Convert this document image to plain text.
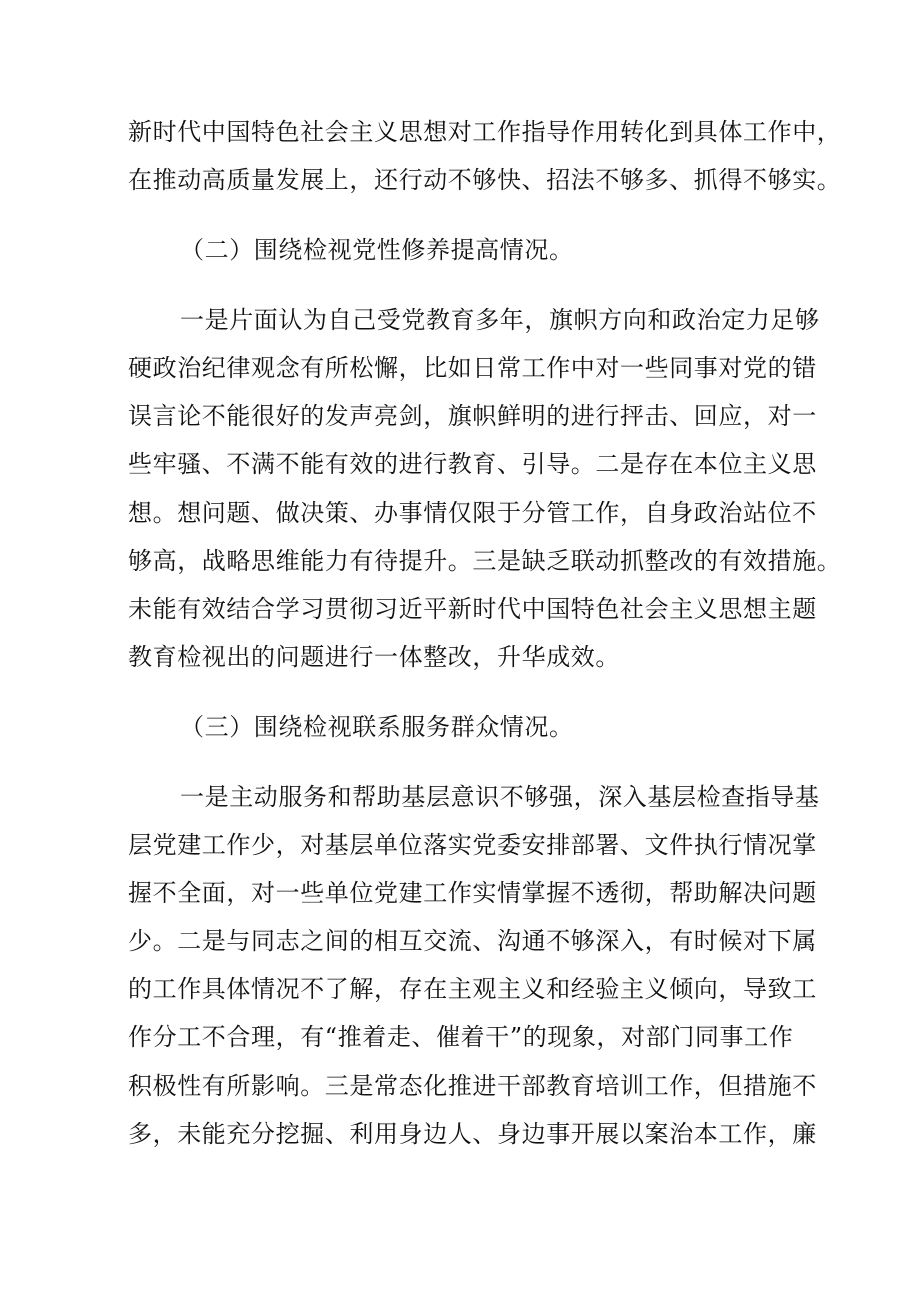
新时代中国特色社会主义思想对工作指导作用转化到具体工作中，

在推动高质量发展上，还行动不够快、招法不够多、抓得不够实。

（二）围绕检视党性修养提高情况。

一是片面认为自己受党教育多年，旗帜方向和政治定力足够

硬政治纪律观念有所松懈，比如日常工作中对一些同事对党的错

误言论不能很好的发声亮剑，旗帜鲜明的进行抨击、回应，对一

些牢骚、不满不能有效的进行教育、引导。二是存在本位主义思

想。想问题、做决策、办事情仅限于分管工作，自身政治站位不

够高，战略思维能力有待提升。三是缺乏联动抓整改的有效措施。

未能有效结合学习贯彻习近平新时代中国特色社会主义思想主题

教育检视出的问题进行一体整改，升华成效。

（三）围绕检视联系服务群众情况。

一是主动服务和帮助基层意识不够强，深入基层检查指导基

层党建工作少，对基层单位落实党委安排部署、文件执行情况掌

握不全面，对一些单位党建工作实情掌握不透彻，帮助解决问题

少。二是与同志之间的相互交流、沟通不够深入，有时候对下属

的工作具体情况不了解，存在主观主义和经验主义倾向，导致工

作分工不合理，有“推着走、催着干”的现象，对部门同事工作

积极性有所影响。三是常态化推进干部教育培训工作，但措施不

多，未能充分挖掘、利用身边人、身边事开展以案治本工作，廉
